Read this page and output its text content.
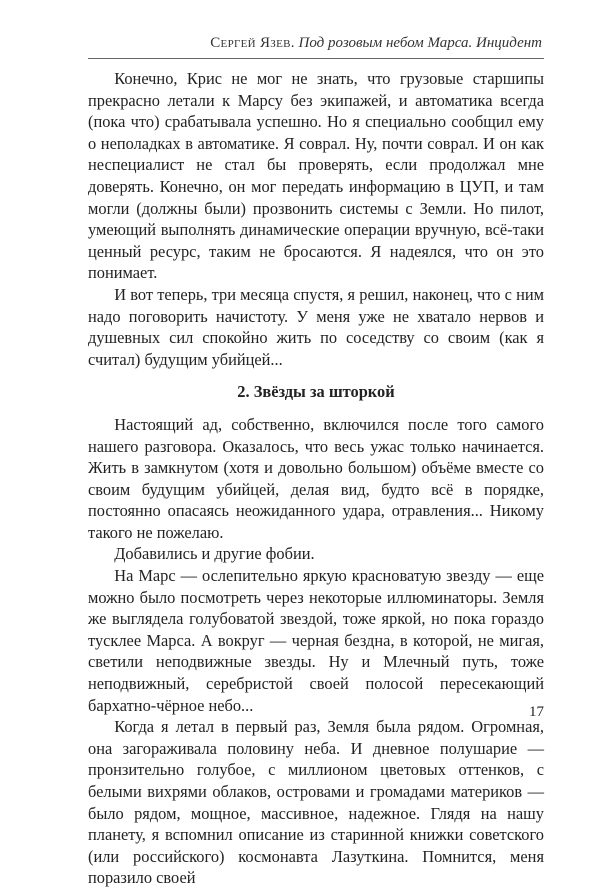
Сергей Язев. Под розовым небом Марса. Инцидент

Конечно, Крис не мог не знать, что грузовые старшипы прекрасно летали к Марсу без экипажей, и автоматика всегда (пока что) срабатывала успешно. Но я специально сообщил ему о неполадках в автоматике. Я соврал. Ну, почти соврал. И он как неспециалист не стал бы проверять, если продолжал мне доверять. Конечно, он мог передать информацию в ЦУП, и там могли (должны были) прозвонить системы с Земли. Но пилот, умеющий выполнять динамические операции вручную, всё-таки ценный ресурс, таким не бросаются. Я надеялся, что он это понимает.

И вот теперь, три месяца спустя, я решил, наконец, что с ним надо поговорить начистоту. У меня уже не хватало нервов и душевных сил спокойно жить по соседству со своим (как я считал) будущим убийцей...

2. Звёзды за шторкой

Настоящий ад, собственно, включился после того самого нашего разговора. Оказалось, что весь ужас только начинается. Жить в замкнутом (хотя и довольно большом) объёме вместе со своим будущим убийцей, делая вид, будто всё в порядке, постоянно опасаясь неожиданного удара, отравления... Никому такого не пожелаю.

Добавились и другие фобии.

На Марс — ослепительно яркую красноватую звезду — еще можно было посмотреть через некоторые иллюминаторы. Земля же выглядела голубоватой звездой, тоже яркой, но пока гораздо тусклее Марса. А вокруг — черная бездна, в которой, не мигая, светили неподвижные звезды. Ну и Млечный путь, тоже неподвижный, серебристой своей полосой пересекающий бархатно-чёрное небо...

Когда я летал в первый раз, Земля была рядом. Огромная, она загораживала половину неба. И дневное полушарие — пронзительно голубое, с миллионом цветовых оттенков, с белыми вихрями облаков, островами и громадами материков — было рядом, мощное, массивное, надежное. Глядя на нашу планету, я вспомнил описание из старинной книжки советского (или российского) космонавта Лазуткина. Помнится, меня поразило своей

17
